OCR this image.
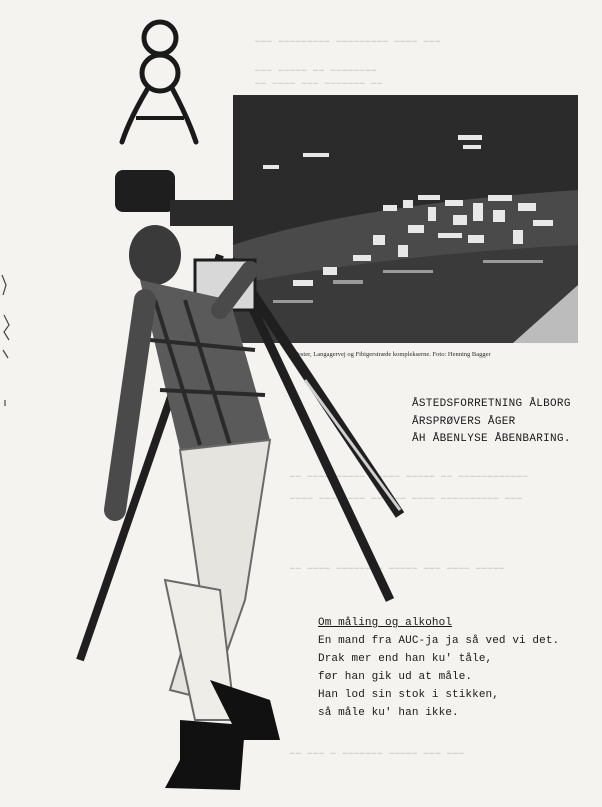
▁▁▁ ▁▁▁▁▁▁▁▁▁ ▁▁▁▁▁▁▁▁▁ ▁▁▁▁ ▁▁▁
▁▁▁ ▁▁▁▁▁ ▁▁ ▁▁▁▁▁▁▁▁
▁▁ ▁▁▁▁ ▁▁▁ ▁▁▁▁▁▁▁ ▁▁
▁▁ ▁▁▁▁ ▁▁▁▁▁ ▁▁▁▁▁ ▁▁▁▁▁ ▁▁ ▁▁▁▁▁▁▁▁▁▁▁▁
▁▁▁▁ ▁▁▁▁▁▁▁▁ ▁▁ ▁▁▁ ▁▁▁▁ ▁▁▁▁▁▁▁▁▁▁ ▁▁▁
▁▁ ▁▁▁▁ ▁▁▁▁▁▁▁▁ ▁▁▁▁▁ ▁▁▁ ▁▁▁▁ ▁▁▁▁▁
▁▁ ▁▁▁ ▁ ▁▁▁▁▁▁▁ ▁▁▁▁▁ ▁▁▁ ▁▁▁
Vester, Langagervej og Fibigerstræde komplekserne. Foto: Henning Bagger
ÅSTEDSFORRETNING ÅLBORG
ÅRSPRØVERS ÅGER
ÅH ÅBENLYSE ÅBENBARING.
Om måling og alkohol
En mand fra AUC-ja ja så ved vi det.
Drak mer end han ku' tåle,
før han gik ud at måle.
Han lod sin stok i stikken,
så måle ku' han ikke.
